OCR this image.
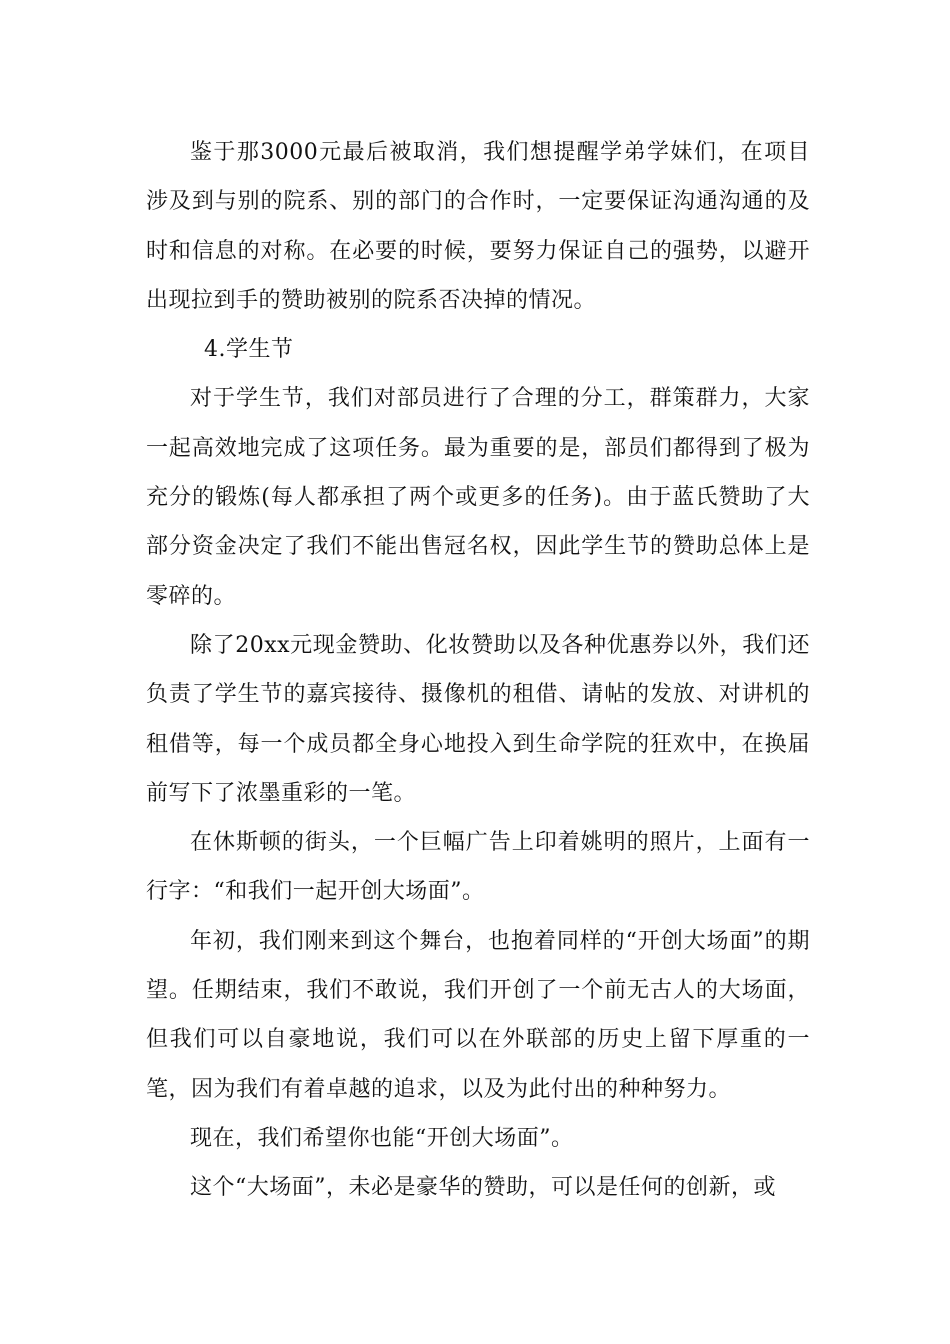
鉴于那3000元最后被取消，我们想提醒学弟学妹们，在项目涉及到与别的院系、别的部门的合作时，一定要保证沟通沟通的及时和信息的对称。在必要的时候，要努力保证自己的强势，以避开出现拉到手的赞助被别的院系否决掉的情况。

4.学生节

对于学生节，我们对部员进行了合理的分工，群策群力，大家一起高效地完成了这项任务。最为重要的是，部员们都得到了极为充分的锻炼(每人都承担了两个或更多的任务)。由于蓝氏赞助了大部分资金决定了我们不能出售冠名权，因此学生节的赞助总体上是零碎的。

除了20xx元现金赞助、化妆赞助以及各种优惠券以外，我们还负责了学生节的嘉宾接待、摄像机的租借、请帖的发放、对讲机的租借等，每一个成员都全身心地投入到生命学院的狂欢中，在换届前写下了浓墨重彩的一笔。

在休斯顿的街头，一个巨幅广告上印着姚明的照片，上面有一行字：“和我们一起开创大场面”。

年初，我们刚来到这个舞台，也抱着同样的“开创大场面”的期望。任期结束，我们不敢说，我们开创了一个前无古人的大场面，但我们可以自豪地说，我们可以在外联部的历史上留下厚重的一笔，因为我们有着卓越的追求，以及为此付出的种种努力。

现在，我们希望你也能“开创大场面”。

这个“大场面”，未必是豪华的赞助，可以是任何的创新，或
